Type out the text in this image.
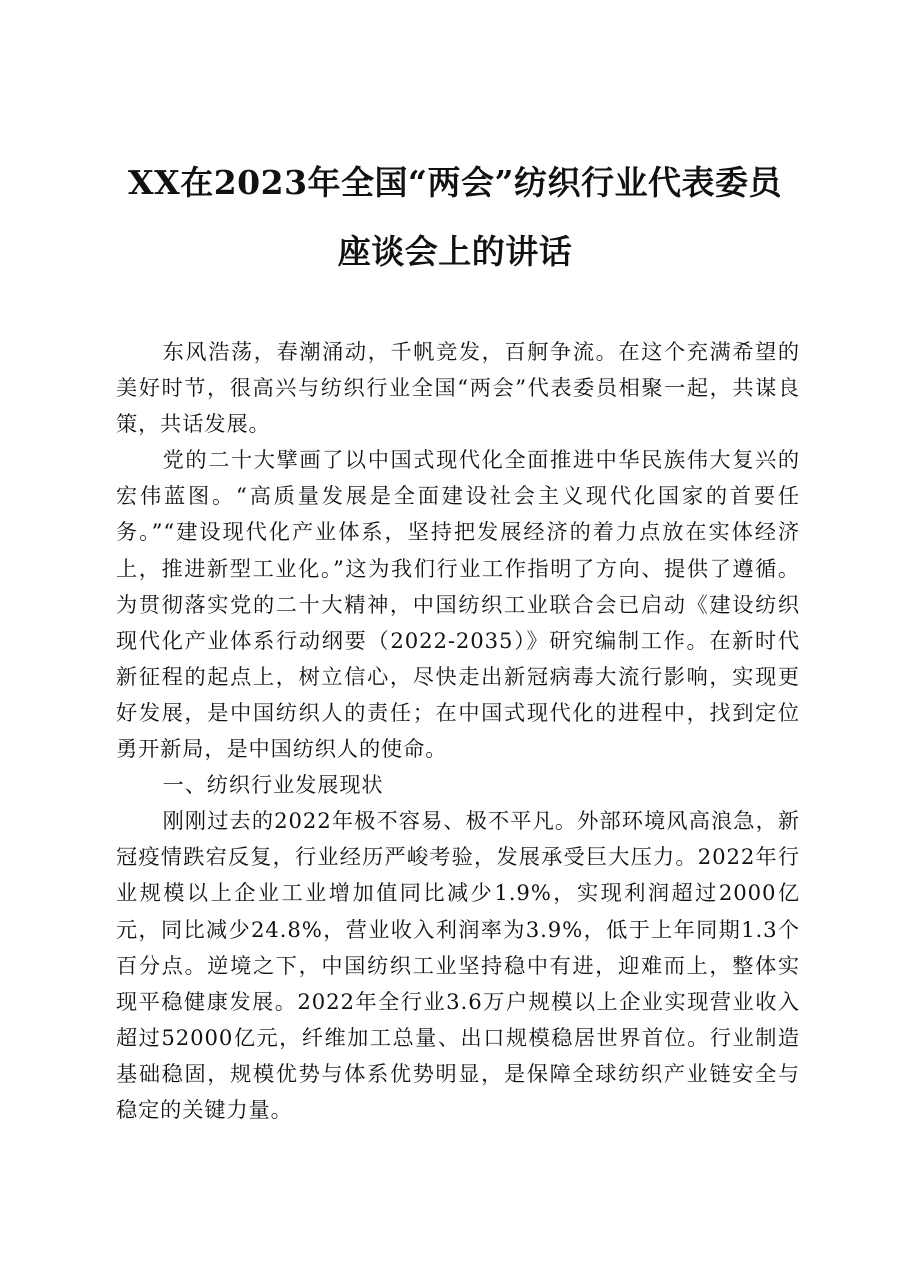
XX在2023年全国“两会”纺织行业代表委员
座谈会上的讲话

东风浩荡，春潮涌动，千帆竞发，百舸争流。在这个充满希望的美好时节，很高兴与纺织行业全国“两会”代表委员相聚一起，共谋良策，共话发展。

党的二十大擘画了以中国式现代化全面推进中华民族伟大复兴的宏伟蓝图。“高质量发展是全面建设社会主义现代化国家的首要任务。”“建设现代化产业体系，坚持把发展经济的着力点放在实体经济上，推进新型工业化。”这为我们行业工作指明了方向、提供了遵循。为贯彻落实党的二十大精神，中国纺织工业联合会已启动《建设纺织现代化产业体系行动纲要（2022-2035）》研究编制工作。在新时代新征程的起点上，树立信心，尽快走出新冠病毒大流行影响，实现更好发展，是中国纺织人的责任；在中国式现代化的进程中，找到定位勇开新局，是中国纺织人的使命。

一、纺织行业发展现状

刚刚过去的2022年极不容易、极不平凡。外部环境风高浪急，新冠疫情跌宕反复，行业经历严峻考验，发展承受巨大压力。2022年行业规模以上企业工业增加值同比减少1.9%，实现利润超过2000亿元，同比减少24.8%，营业收入利润率为3.9%，低于上年同期1.3个百分点。逆境之下，中国纺织工业坚持稳中有进，迎难而上，整体实现平稳健康发展。2022年全行业3.6万户规模以上企业实现营业收入超过52000亿元，纤维加工总量、出口规模稳居世界首位。行业制造基础稳固，规模优势与体系优势明显，是保障全球纺织产业链安全与稳定的关键力量。
